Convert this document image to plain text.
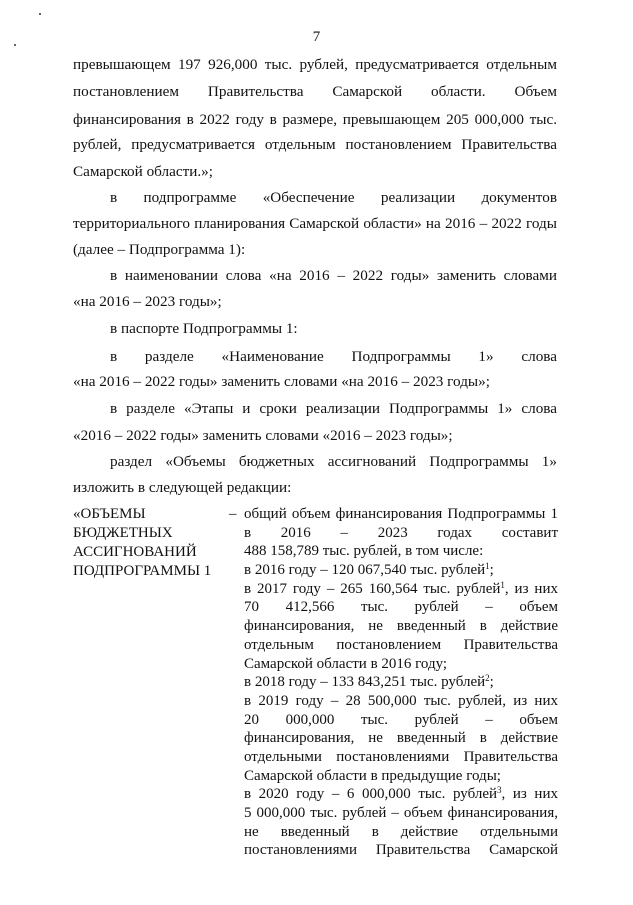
7
превышающем 197 926,000 тыс. рублей, предусматривается отдельным
постановлением Правительства Самарской области. Объем
финансирования в 2022 году в размере, превышающем 205 000,000 тыс.
рублей, предусматривается отдельным постановлением Правительства
Самарской области.»;
в подпрограмме «Обеспечение реализации документов
территориального планирования Самарской области» на 2016 – 2022 годы
(далее – Подпрограмма 1):
в наименовании слова «на 2016 – 2022 годы» заменить словами
«на 2016 – 2023 годы»;
в паспорте Подпрограммы 1:
в разделе «Наименование Подпрограммы 1» слова
«на 2016 – 2022 годы» заменить словами «на 2016 – 2023 годы»;
в разделе «Этапы и сроки реализации Подпрограммы 1» слова
«2016 – 2022 годы» заменить словами «2016 – 2023 годы»;
раздел «Объемы бюджетных ассигнований Подпрограммы 1»
изложить в следующей редакции:
«ОБЪЕМЫ
БЮДЖЕТНЫХ
АССИГНОВАНИЙ
ПОДПРОГРАММЫ 1
– общий объем финансирования Подпрограммы 1
в 2016 – 2023 годах составит
488 158,789 тыс. рублей, в том числе:
в 2016 году – 120 067,540 тыс. рублей$^1$;
в 2017 году – 265 160,564 тыс. рублей$^1$, из них
70 412,566 тыс. рублей – объем
финансирования, не введенный в действие
отдельным постановлением Правительства
Самарской области в 2016 году;
в 2018 году – 133 843,251 тыс. рублей$^2$;
в 2019 году – 28 500,000 тыс. рублей, из них
20 000,000 тыс. рублей – объем
финансирования, не введенный в действие
отдельными постановлениями Правительства
Самарской области в предыдущие годы;
в 2020 году – 6 000,000 тыс. рублей$^3$, из них
5 000,000 тыс. рублей – объем финансирования,
не введенный в действие отдельными
постановлениями Правительства Самарской
